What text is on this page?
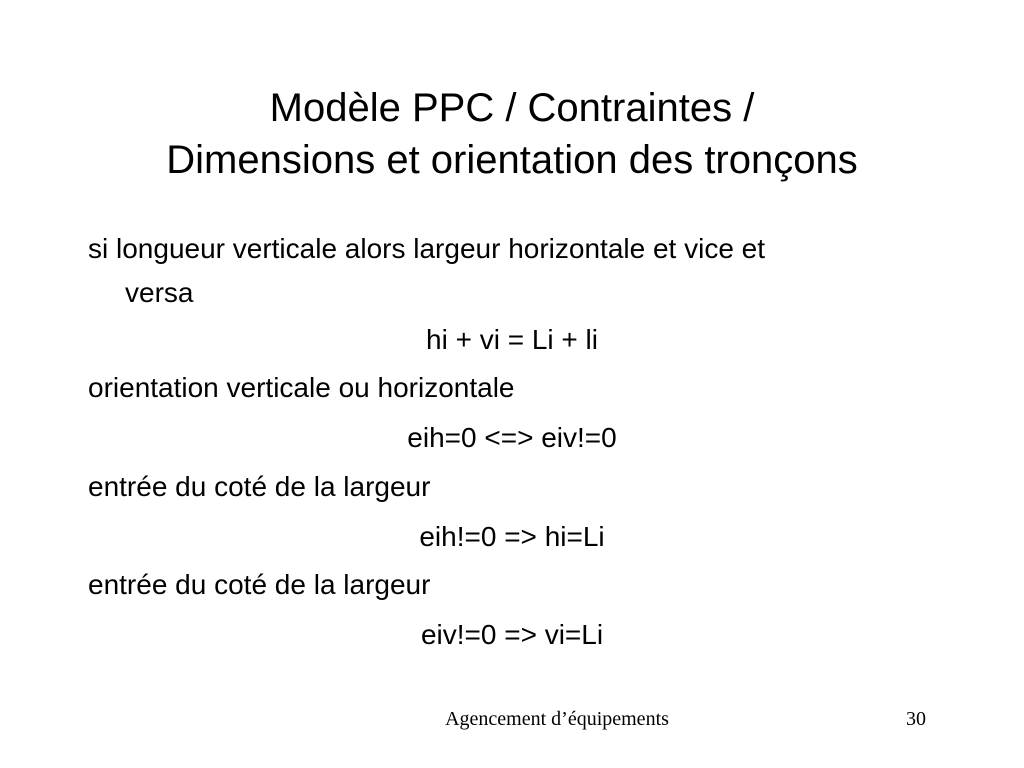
Modèle PPC / Contraintes /
Dimensions et orientation des tronçons
si longueur verticale alors largeur horizontale et vice et
versa
hi + vi = Li + li
orientation verticale ou horizontale
eih=0 <=> eiv!=0
entrée du coté de la largeur
eih!=0 => hi=Li
entrée du coté de la largeur
eiv!=0 => vi=Li
Agencement d’équipements	30
